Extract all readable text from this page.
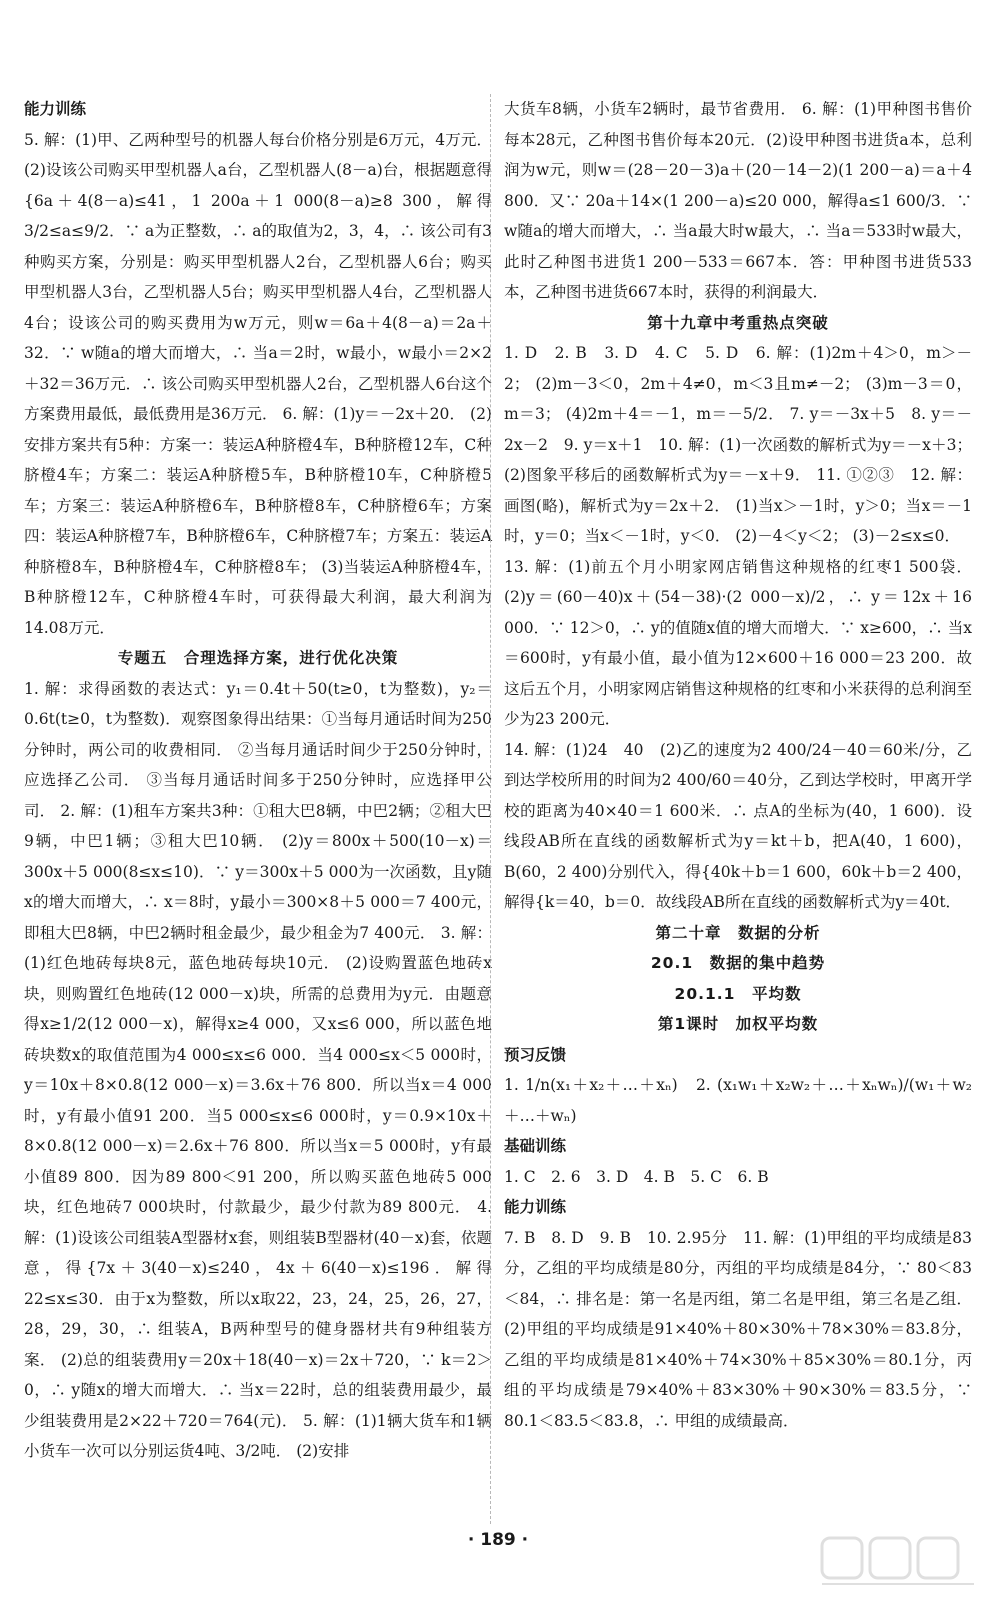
能力训练

5. 解：(1)甲、乙两种型号的机器人每台价格分别是6万元，4万元． (2)设该公司购买甲型机器人a台，乙型机器人(8－a)台，根据题意得{6a＋4(8－a)≤41，1 200a＋1 000(8－a)≥8 300，解得3/2≤a≤9/2．∵ a为正整数，∴ a的取值为2，3，4，∴ 该公司有3种购买方案，分别是：购买甲型机器人2台，乙型机器人6台；购买甲型机器人3台，乙型机器人5台；购买甲型机器人4台，乙型机器人4台；设该公司的购买费用为w万元，则w＝6a＋4(8－a)＝2a＋32．∵ w随a的增大而增大，∴ 当a＝2时，w最小，w最小＝2×2＋32＝36万元．∴ 该公司购买甲型机器人2台，乙型机器人6台这个方案费用最低，最低费用是36万元． 6. 解：(1)y＝－2x＋20． (2)安排方案共有5种：方案一：装运A种脐橙4车，B种脐橙12车，C种脐橙4车；方案二：装运A种脐橙5车，B种脐橙10车，C种脐橙5车；方案三：装运A种脐橙6车，B种脐橙8车，C种脐橙6车；方案四：装运A种脐橙7车，B种脐橙6车，C种脐橙7车；方案五：装运A种脐橙8车，B种脐橙4车，C种脐橙8车； (3)当装运A种脐橙4车，B种脐橙12车，C种脐橙4车时，可获得最大利润，最大利润为14.08万元．

专题五　合理选择方案，进行优化决策

1. 解：求得函数的表达式：y₁＝0.4t＋50(t≥0，t为整数)，y₂＝0.6t(t≥0，t为整数)．观察图象得出结果：①当每月通话时间为250分钟时，两公司的收费相同． ②当每月通话时间少于250分钟时，应选择乙公司． ③当每月通话时间多于250分钟时，应选择甲公司． 2. 解：(1)租车方案共3种：①租大巴8辆，中巴2辆；②租大巴9辆，中巴1辆；③租大巴10辆． (2)y＝800x＋500(10－x)＝300x＋5 000(8≤x≤10)．∵ y＝300x＋5 000为一次函数，且y随x的增大而增大，∴ x＝8时，y最小＝300×8＋5 000＝7 400元，即租大巴8辆，中巴2辆时租金最少，最少租金为7 400元． 3. 解：(1)红色地砖每块8元，蓝色地砖每块10元． (2)设购置蓝色地砖x块，则购置红色地砖(12 000－x)块，所需的总费用为y元．由题意得x≥1/2(12 000－x)，解得x≥4 000，又x≤6 000，所以蓝色地砖块数x的取值范围为4 000≤x≤6 000．当4 000≤x＜5 000时，y＝10x＋8×0.8(12 000－x)＝3.6x＋76 800．所以当x＝4 000时，y有最小值91 200．当5 000≤x≤6 000时，y＝0.9×10x＋8×0.8(12 000－x)＝2.6x＋76 800．所以当x＝5 000时，y有最小值89 800．因为89 800＜91 200，所以购买蓝色地砖5 000块，红色地砖7 000块时，付款最少，最少付款为89 800元． 4. 解：(1)设该公司组装A型器材x套，则组装B型器材(40－x)套，依题意，得{7x＋3(40－x)≤240，4x＋6(40－x)≤196．解得22≤x≤30．由于x为整数，所以x取22，23，24，25，26，27，28，29，30，∴ 组装A，B两种型号的健身器材共有9种组装方案． (2)总的组装费用y＝20x＋18(40－x)＝2x＋720，∵ k＝2＞0，∴ y随x的增大而增大．∴ 当x＝22时，总的组装费用最少，最少组装费用是2×22＋720＝764(元)． 5. 解：(1)1辆大货车和1辆小货车一次可以分别运货4吨、3/2吨． (2)安排

大货车8辆，小货车2辆时，最节省费用． 6. 解：(1)甲种图书售价每本28元，乙种图书售价每本20元．(2)设甲种图书进货a本，总利润为w元，则w＝(28－20－3)a＋(20－14－2)(1 200－a)＝a＋4 800．又∵ 20a＋14×(1 200－a)≤20 000，解得a≤1 600/3．∵ w随a的增大而增大，∴ 当a最大时w最大，∴ 当a＝533时w最大，此时乙种图书进货1 200－533＝667本．答：甲种图书进货533本，乙种图书进货667本时，获得的利润最大．

第十九章中考重热点突破

1. D　2. B　3. D　4. C　5. D　6. 解：(1)2m＋4＞0，m＞－2； (2)m－3＜0，2m＋4≠0，m＜3且m≠－2； (3)m－3＝0，m＝3； (4)2m＋4＝－1，m＝－5/2． 7. y＝－3x＋5　8. y＝－2x－2　9. y＝x＋1　10. 解：(1)一次函数的解析式为y＝－x＋3； (2)图象平移后的函数解析式为y＝－x＋9． 11. ①②③　12. 解：画图(略)，解析式为y＝2x＋2． (1)当x＞－1时，y＞0；当x＝－1时，y＝0；当x＜－1时，y＜0． (2)－4＜y＜2； (3)－2≤x≤0．

13. 解：(1)前五个月小明家网店销售这种规格的红枣1 500袋． (2)y＝(60－40)x＋(54－38)·(2 000－x)/2，∴ y＝12x＋16 000．∵ 12＞0，∴ y的值随x值的增大而增大．∵ x≥600，∴ 当x＝600时，y有最小值，最小值为12×600＋16 000＝23 200．故这后五个月，小明家网店销售这种规格的红枣和小米获得的总利润至少为23 200元．

14. 解：(1)24　40　(2)乙的速度为2 400/24－40＝60米/分，乙到达学校所用的时间为2 400/60＝40分，乙到达学校时，甲离开学校的距离为40×40＝1 600米．∴ 点A的坐标为(40，1 600)．设线段AB所在直线的函数解析式为y＝kt＋b，把A(40，1 600)，B(60，2 400)分别代入，得{40k＋b＝1 600，60k＋b＝2 400，解得{k＝40，b＝0．故线段AB所在直线的函数解析式为y＝40t．

第二十章　数据的分析
20.1　数据的集中趋势
20.1.1　平均数
第1课时　加权平均数
预习反馈

1. 1/n(x₁＋x₂＋…＋xₙ)　2. (x₁w₁＋x₂w₂＋…＋xₙwₙ)/(w₁＋w₂＋…＋wₙ)

基础训练

1. C　2. 6　3. D　4. B　5. C　6. B

能力训练

7. B　8. D　9. B　10. 2.95分　11. 解：(1)甲组的平均成绩是83分，乙组的平均成绩是80分，丙组的平均成绩是84分，∵ 80＜83＜84，∴ 排名是：第一名是丙组，第二名是甲组，第三名是乙组． (2)甲组的平均成绩是91×40%＋80×30%＋78×30%＝83.8分，乙组的平均成绩是81×40%＋74×30%＋85×30%＝80.1分，丙组的平均成绩是79×40%＋83×30%＋90×30%＝83.5分，∵ 80.1＜83.5＜83.8，∴ 甲组的成绩最高．

· 189 ·
